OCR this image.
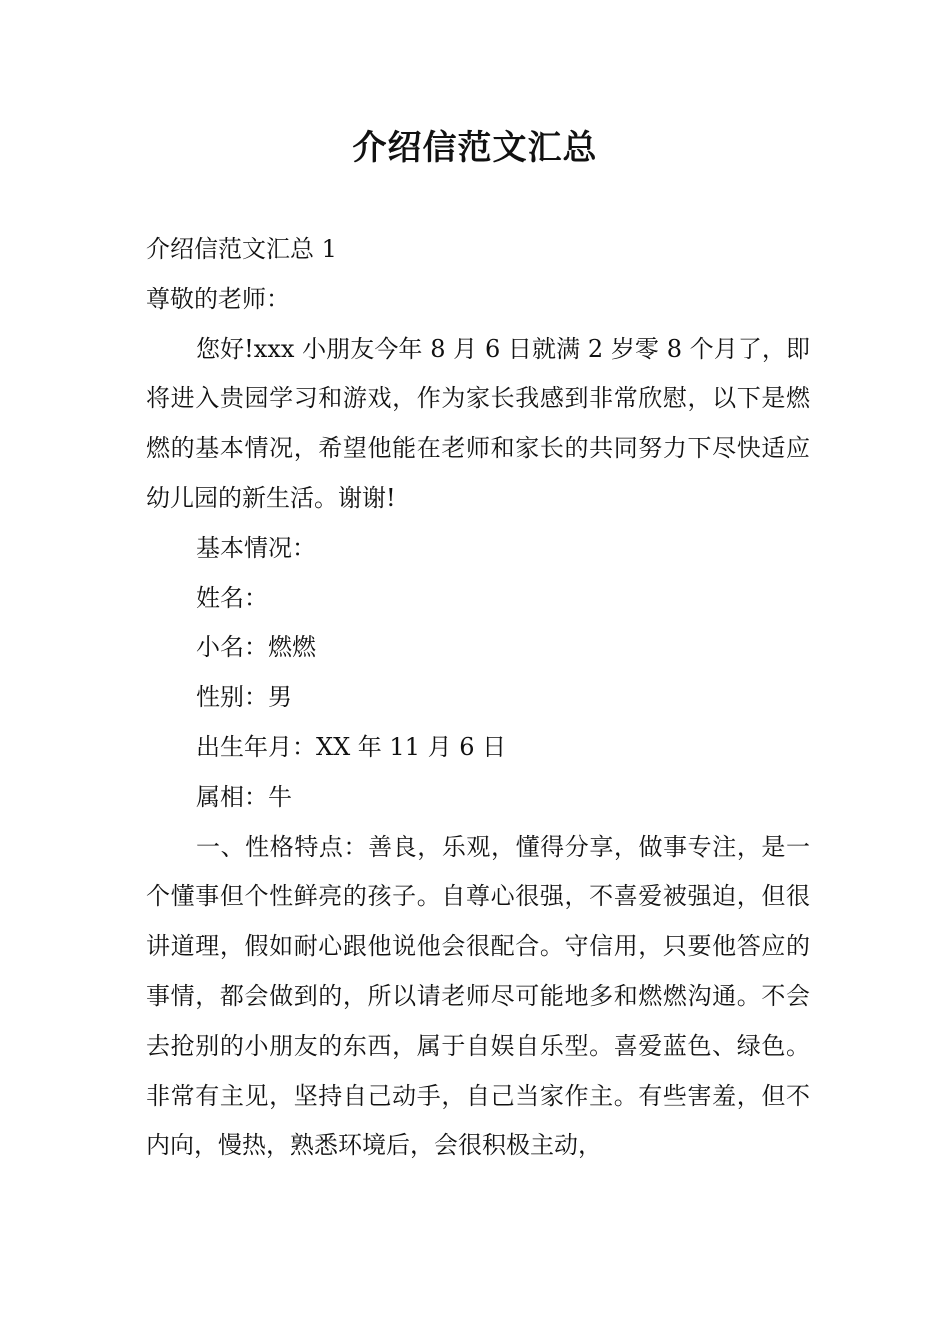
介绍信范文汇总
介绍信范文汇总 1
尊敬的老师：
您好!xxx 小朋友今年 8 月 6 日就满 2 岁零 8 个月了，即将进入贵园学习和游戏，作为家长我感到非常欣慰，以下是燃燃的基本情况，希望他能在老师和家长的共同努力下尽快适应幼儿园的新生活。谢谢!
基本情况：
姓名：
小名：燃燃
性别：男
出生年月：XX 年 11 月 6 日
属相：牛
一、性格特点：善良，乐观，懂得分享，做事专注，是一个懂事但个性鲜亮的孩子。自尊心很强，不喜爱被强迫，但很讲道理，假如耐心跟他说他会很配合。守信用，只要他答应的事情，都会做到的，所以请老师尽可能地多和燃燃沟通。不会去抢别的小朋友的东西，属于自娱自乐型。喜爱蓝色、绿色。非常有主见，坚持自己动手，自己当家作主。有些害羞，但不内向，慢热，熟悉环境后，会很积极主动，
